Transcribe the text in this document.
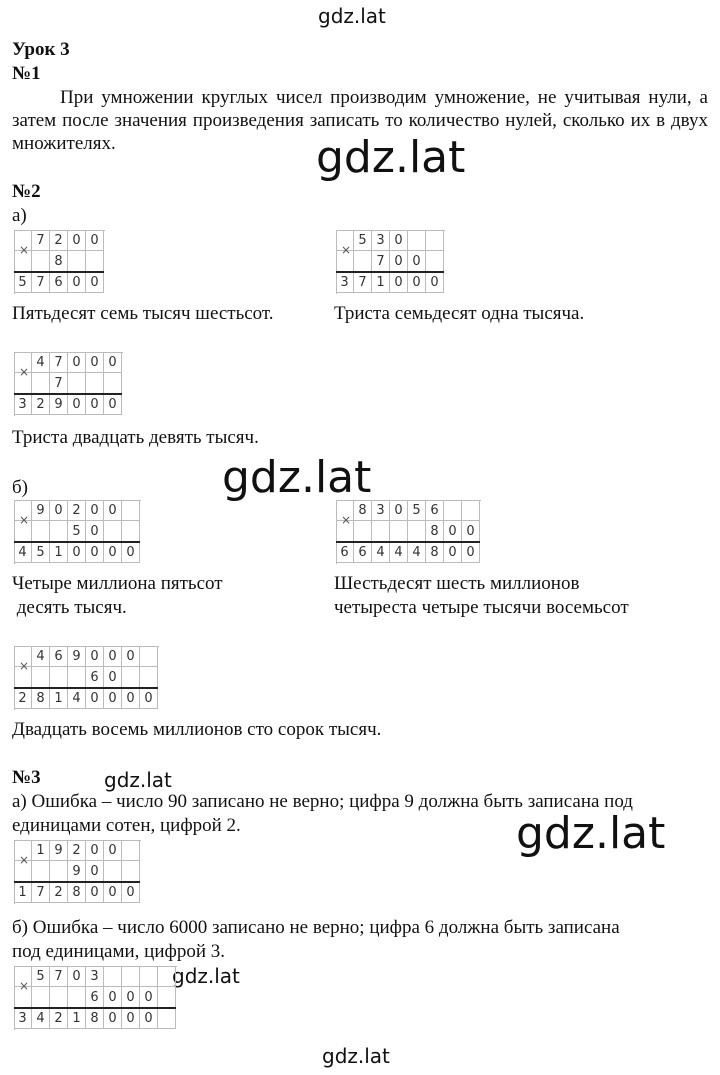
gdz.lat
gdz.lat
gdz.lat
gdz.lat
gdz.lat
gdz.lat
gdz.lat
Урок 3
№1
При умножении круглых чисел производим умножение, не учитывая нули, а затем после значения произведения записать то количество нулей, сколько их в двух множителях.
№2
а)
7 2 0 0
8
5 7 6 0 0
×
5 3 0
7 0 0
3 7 1 0 0 0
×
Пятьдесят семь тысяч шестьсот.	Триста семьдесят одна тысяча.
4 7 0 0 0
7
3 2 9 0 0 0
×
Триста двадцать девять тысяч.
б)
9 0 2 0 0
5 0
4 5 1 0 0 0 0
×
8 3 0 5 6
8 0 0
6 6 4 4 4 8 0 0
×
Четыре миллиона пятьсот
десять тысяч.
Шестьдесят шесть миллионов
четыреста четыре тысячи восемьсот
4 6 9 0 0 0
6 0
2 8 1 4 0 0 0 0
×
Двадцать восемь миллионов сто сорок тысяч.
№3
а) Ошибка – число 90 записано не верно; цифра 9 должна быть записана под
единицами сотен, цифрой 2.
1 9 2 0 0
9 0
1 7 2 8 0 0 0
×
б) Ошибка – число 6000 записано не верно; цифра 6 должна быть записана
под единицами, цифрой 3.
5 7 0 3
6 0 0 0
3 4 2 1 8 0 0 0
×
